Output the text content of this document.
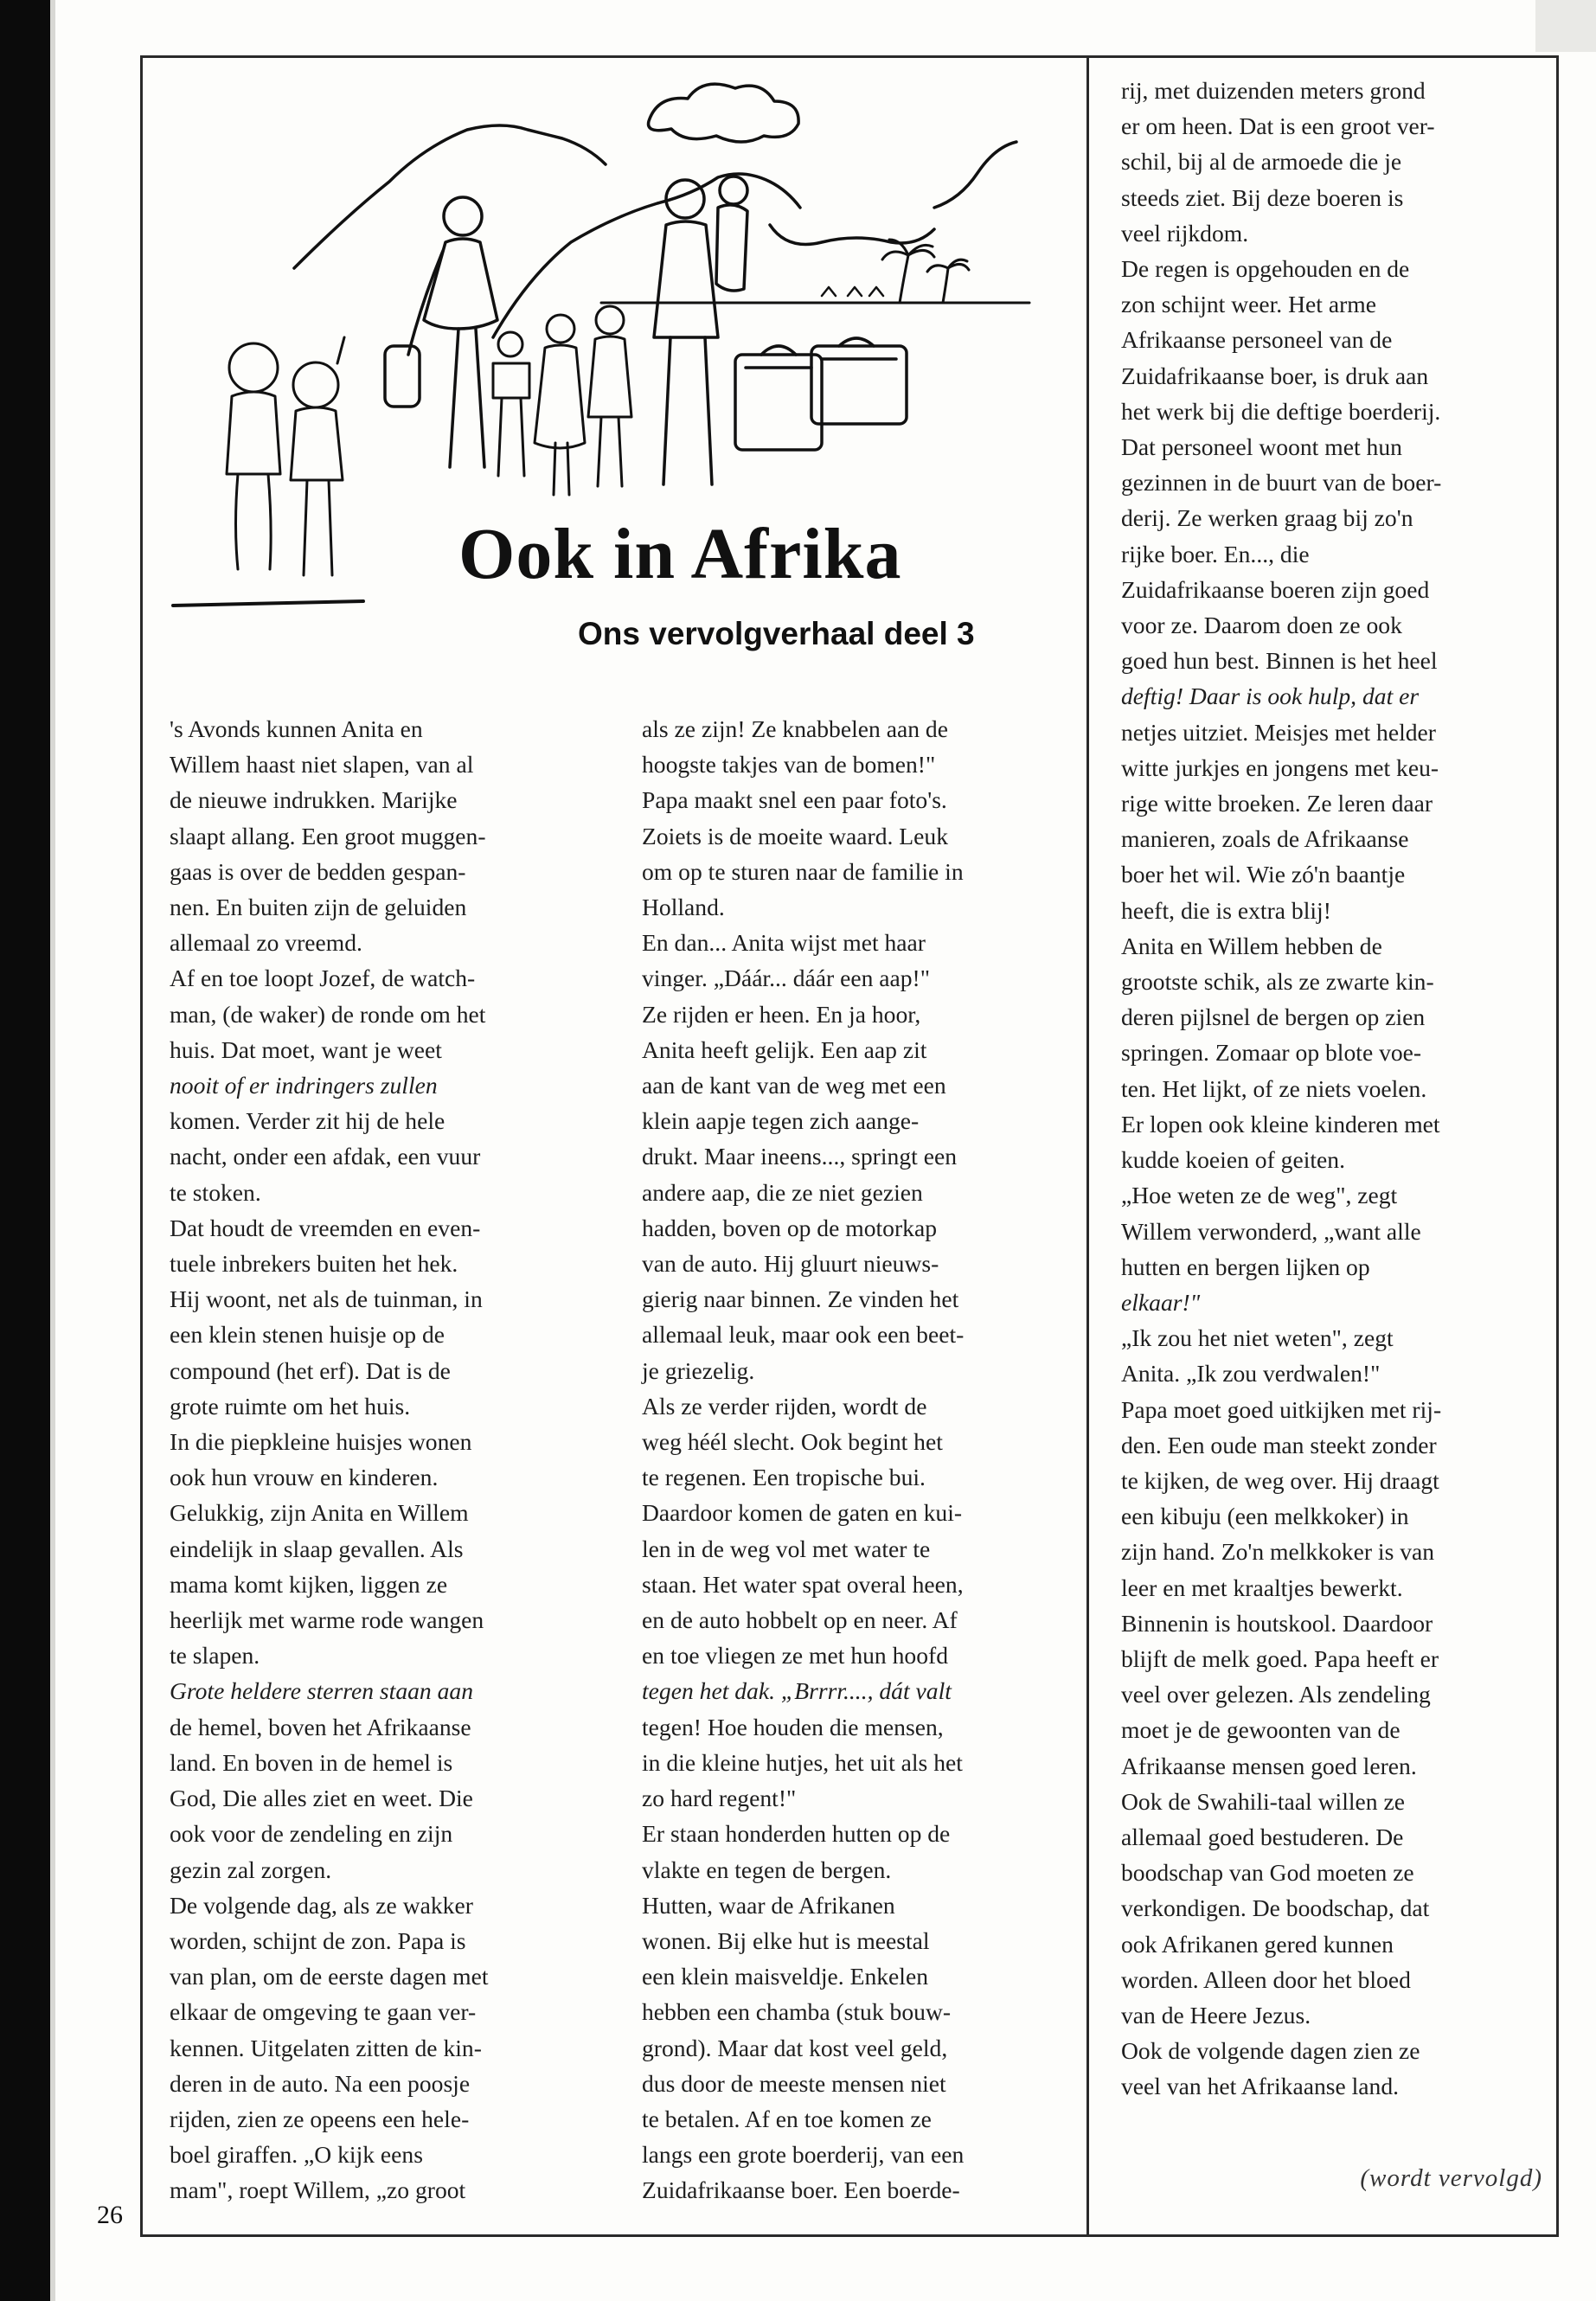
Ook in Afrika
Ons vervolgverhaal deel 3
's Avonds kunnen Anita en
Willem haast niet slapen, van al
de nieuwe indrukken. Marijke
slaapt allang. Een groot muggen-
gaas is over de bedden gespan-
nen. En buiten zijn de geluiden
allemaal zo vreemd.
Af en toe loopt Jozef, de watch-
man, (de waker) de ronde om het
huis. Dat moet, want je weet
nooit of er indringers zullen
komen. Verder zit hij de hele
nacht, onder een afdak, een vuur
te stoken.
Dat houdt de vreemden en even-
tuele inbrekers buiten het hek.
Hij woont, net als de tuinman, in
een klein stenen huisje op de
compound (het erf). Dat is de
grote ruimte om het huis.
In die piepkleine huisjes wonen
ook hun vrouw en kinderen.
Gelukkig, zijn Anita en Willem
eindelijk in slaap gevallen. Als
mama komt kijken, liggen ze
heerlijk met warme rode wangen
te slapen.
Grote heldere sterren staan aan
de hemel, boven het Afrikaanse
land. En boven in de hemel is
God, Die alles ziet en weet. Die
ook voor de zendeling en zijn
gezin zal zorgen.
De volgende dag, als ze wakker
worden, schijnt de zon. Papa is
van plan, om de eerste dagen met
elkaar de omgeving te gaan ver-
kennen. Uitgelaten zitten de kin-
deren in de auto. Na een poosje
rijden, zien ze opeens een hele-
boel giraffen. „O kijk eens
mam", roept Willem, „zo groot
als ze zijn! Ze knabbelen aan de
hoogste takjes van de bomen!"
Papa maakt snel een paar foto's.
Zoiets is de moeite waard. Leuk
om op te sturen naar de familie in
Holland.
En dan... Anita wijst met haar
vinger. „Dáár... dáár een aap!"
Ze rijden er heen. En ja hoor,
Anita heeft gelijk. Een aap zit
aan de kant van de weg met een
klein aapje tegen zich aange-
drukt. Maar ineens..., springt een
andere aap, die ze niet gezien
hadden, boven op de motorkap
van de auto. Hij gluurt nieuws-
gierig naar binnen. Ze vinden het
allemaal leuk, maar ook een beet-
je griezelig.
Als ze verder rijden, wordt de
weg héél slecht. Ook begint het
te regenen. Een tropische bui.
Daardoor komen de gaten en kui-
len in de weg vol met water te
staan. Het water spat overal heen,
en de auto hobbelt op en neer. Af
en toe vliegen ze met hun hoofd
tegen het dak. „Brrrr...., dát valt
tegen! Hoe houden die mensen,
in die kleine hutjes, het uit als het
zo hard regent!"
Er staan honderden hutten op de
vlakte en tegen de bergen.
Hutten, waar de Afrikanen
wonen. Bij elke hut is meestal
een klein maisveldje. Enkelen
hebben een chamba (stuk bouw-
grond). Maar dat kost veel geld,
dus door de meeste mensen niet
te betalen. Af en toe komen ze
langs een grote boerderij, van een
Zuidafrikaanse boer. Een boerde-
rij, met duizenden meters grond
er om heen. Dat is een groot ver-
schil, bij al de armoede die je
steeds ziet. Bij deze boeren is
veel rijkdom.
De regen is opgehouden en de
zon schijnt weer. Het arme
Afrikaanse personeel van de
Zuidafrikaanse boer, is druk aan
het werk bij die deftige boerderij.
Dat personeel woont met hun
gezinnen in de buurt van de boer-
derij. Ze werken graag bij zo'n
rijke boer. En..., die
Zuidafrikaanse boeren zijn goed
voor ze. Daarom doen ze ook
goed hun best. Binnen is het heel
deftig! Daar is ook hulp, dat er
netjes uitziet. Meisjes met helder
witte jurkjes en jongens met keu-
rige witte broeken. Ze leren daar
manieren, zoals de Afrikaanse
boer het wil. Wie zó'n baantje
heeft, die is extra blij!
Anita en Willem hebben de
grootste schik, als ze zwarte kin-
deren pijlsnel de bergen op zien
springen. Zomaar op blote voe-
ten. Het lijkt, of ze niets voelen.
Er lopen ook kleine kinderen met
kudde koeien of geiten.
„Hoe weten ze de weg", zegt
Willem verwonderd, „want alle
hutten en bergen lijken op
elkaar!"
„Ik zou het niet weten", zegt
Anita. „Ik zou verdwalen!"
Papa moet goed uitkijken met rij-
den. Een oude man steekt zonder
te kijken, de weg over. Hij draagt
een kibuju (een melkkoker) in
zijn hand. Zo'n melkkoker is van
leer en met kraaltjes bewerkt.
Binnenin is houtskool. Daardoor
blijft de melk goed. Papa heeft er
veel over gelezen. Als zendeling
moet je de gewoonten van de
Afrikaanse mensen goed leren.
Ook de Swahili-taal willen ze
allemaal goed bestuderen. De
boodschap van God moeten ze
verkondigen. De boodschap, dat
ook Afrikanen gered kunnen
worden. Alleen door het bloed
van de Heere Jezus.
Ook de volgende dagen zien ze
veel van het Afrikaanse land.
(wordt vervolgd)
26
